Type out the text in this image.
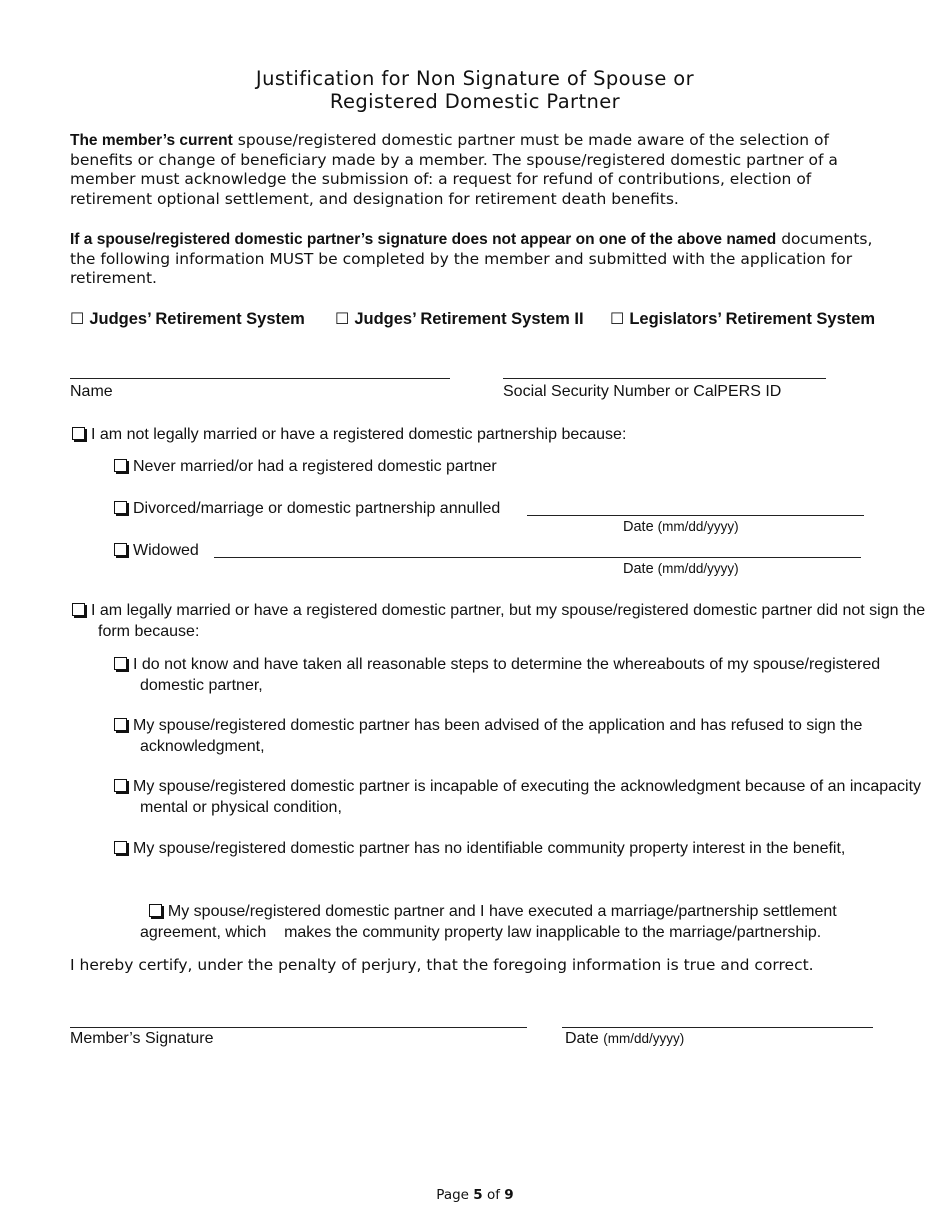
Justification for Non Signature of Spouse or
Registered Domestic Partner
The member’s current spouse/registered domestic partner must be made aware of the selection of benefits or change of beneficiary made by a member. The spouse/registered domestic partner of a member must acknowledge the submission of: a request for refund of contributions, election of retirement optional settlement, and designation for retirement death benefits.
If a spouse/registered domestic partner’s signature does not appear on one of the above named documents, the following information MUST be completed by the member and submitted with the application for retirement.
☐ Judges’ Retirement System ☐ Judges’ Retirement System II ☐ Legislators’ Retirement System
Name	Social Security Number or CalPERS ID
I am not legally married or have a registered domestic partnership because:
Never married/or had a registered domestic partner
Divorced/marriage or domestic partnership annulled
Date (mm/dd/yyyy)
Widowed
Date (mm/dd/yyyy)
I am legally married or have a registered domestic partner, but my spouse/registered domestic partner did not sign the form because:
I do not know and have taken all reasonable steps to determine the whereabouts of my spouse/registered domestic partner,
My spouse/registered domestic partner has been advised of the application and has refused to sign the acknowledgment,
My spouse/registered domestic partner is incapable of executing the acknowledgment because of an incapacity mental or physical condition,
My spouse/registered domestic partner has no identifiable community property interest in the benefit,

My spouse/registered domestic partner and I have executed a marriage/partnership settlement agreement, which    makes the community property law inapplicable to the marriage/partnership.

I hereby certify, under the penalty of perjury, that the foregoing information is true and correct.
Member’s Signature	Date (mm/dd/yyyy)
Page 5 of 9
